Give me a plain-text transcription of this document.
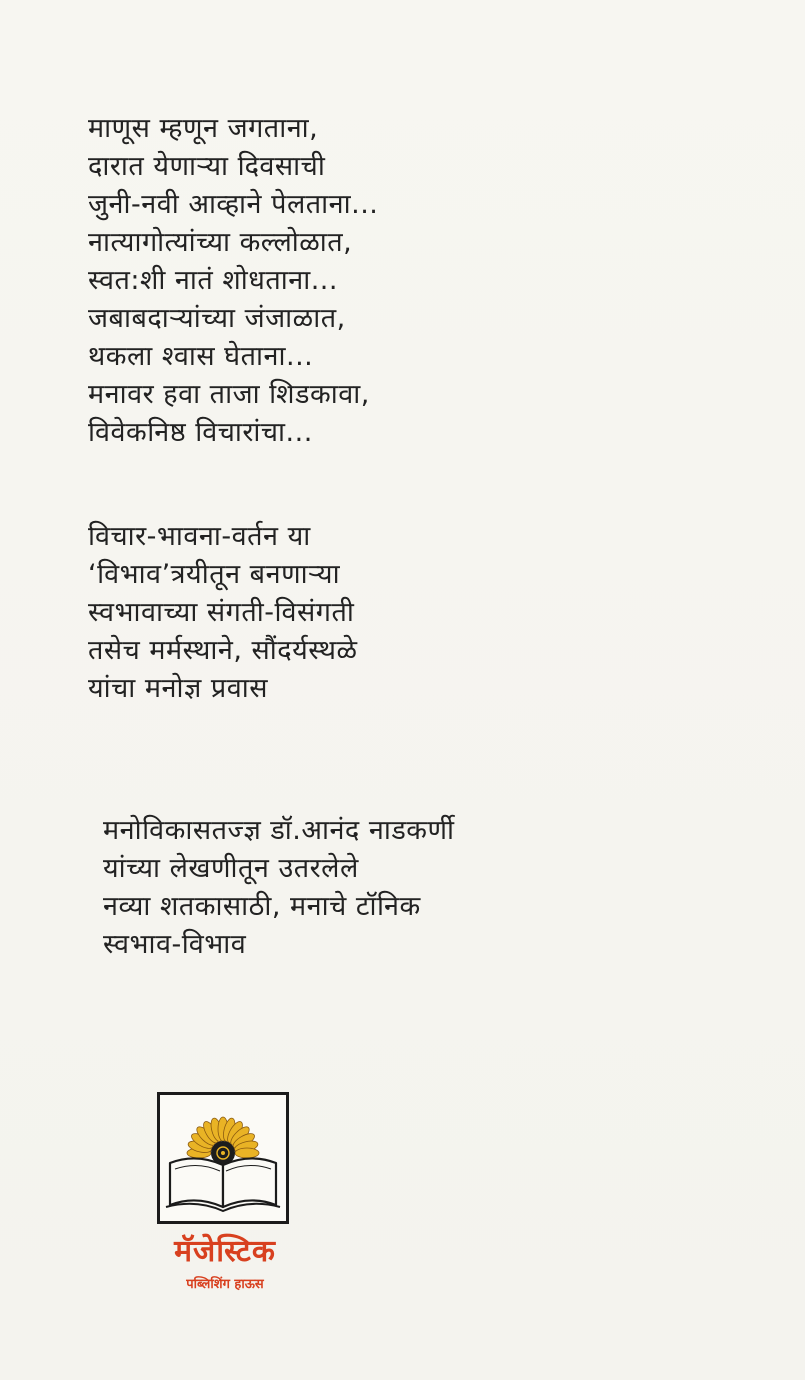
माणूस म्हणून जगताना,
दारात येणाऱ्या दिवसाची
जुनी-नवी आव्हाने पेलताना...
नात्यागोत्यांच्या कल्लोळात,
स्वत:शी नातं शोधताना...
जबाबदाऱ्यांच्या जंजाळात,
थकला श्वास घेताना...
मनावर हवा ताजा शिडकावा,
विवेकनिष्ठ विचारांचा...
विचार-भावना-वर्तन या
‘विभाव’त्रयीतून बनणाऱ्या
स्वभावाच्या संगती-विसंगती
तसेच मर्मस्थाने, सौंदर्यस्थळे
यांचा मनोज्ञ प्रवास
मनोविकासतज्ज्ञ डॉ.आनंद नाडकर्णी
यांच्या लेखणीतून उतरलेले
नव्या शतकासाठी, मनाचे टॉनिक
स्वभाव-विभाव
मॅजेस्टिक
पब्लिशिंग हाऊस
